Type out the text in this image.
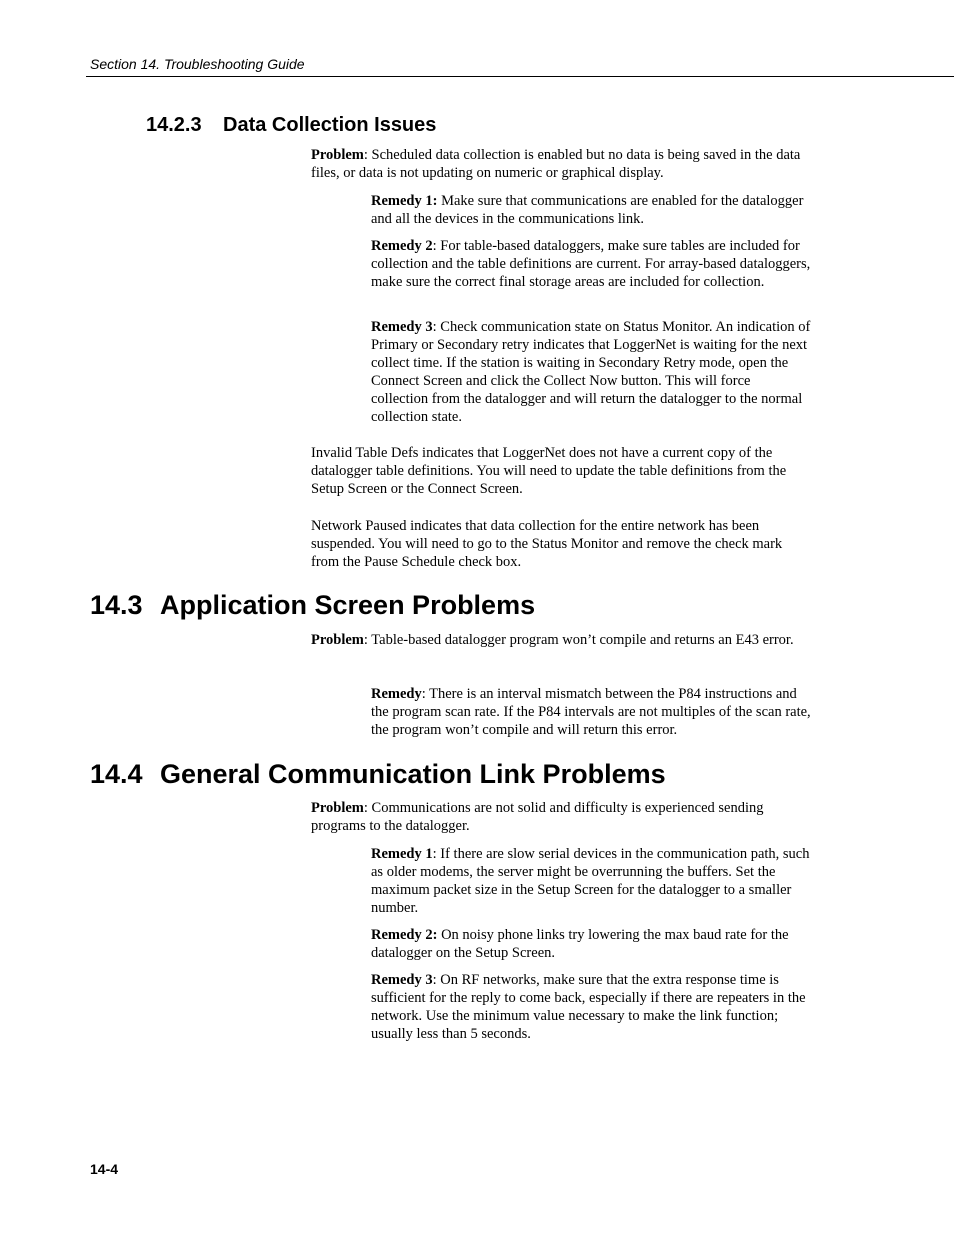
Section 14. Troubleshooting Guide
14.2.3 Data Collection Issues

Problem: Scheduled data collection is enabled but no data is being saved in the data files, or data is not updating on numeric or graphical display.

Remedy 1: Make sure that communications are enabled for the datalogger and all the devices in the communications link.

Remedy 2: For table-based dataloggers, make sure tables are included for collection and the table definitions are current. For array-based dataloggers, make sure the correct final storage areas are included for collection.

Remedy 3: Check communication state on Status Monitor. An indication of Primary or Secondary retry indicates that LoggerNet is waiting for the next collect time. If the station is waiting in Secondary Retry mode, open the Connect Screen and click the Collect Now button. This will force collection from the datalogger and will return the datalogger to the normal collection state.

Invalid Table Defs indicates that LoggerNet does not have a current copy of the datalogger table definitions. You will need to update the table definitions from the Setup Screen or the Connect Screen.

Network Paused indicates that data collection for the entire network has been suspended. You will need to go to the Status Monitor and remove the check mark from the Pause Schedule check box.

14.3 Application Screen Problems

Problem: Table-based datalogger program won’t compile and returns an E43 error.

Remedy: There is an interval mismatch between the P84 instructions and the program scan rate. If the P84 intervals are not multiples of the scan rate, the program won’t compile and will return this error.

14.4 General Communication Link Problems

Problem: Communications are not solid and difficulty is experienced sending programs to the datalogger.

Remedy 1: If there are slow serial devices in the communication path, such as older modems, the server might be overrunning the buffers. Set the maximum packet size in the Setup Screen for the datalogger to a smaller number.

Remedy 2: On noisy phone links try lowering the max baud rate for the datalogger on the Setup Screen.

Remedy 3: On RF networks, make sure that the extra response time is sufficient for the reply to come back, especially if there are repeaters in the network. Use the minimum value necessary to make the link function; usually less than 5 seconds.

14-4
